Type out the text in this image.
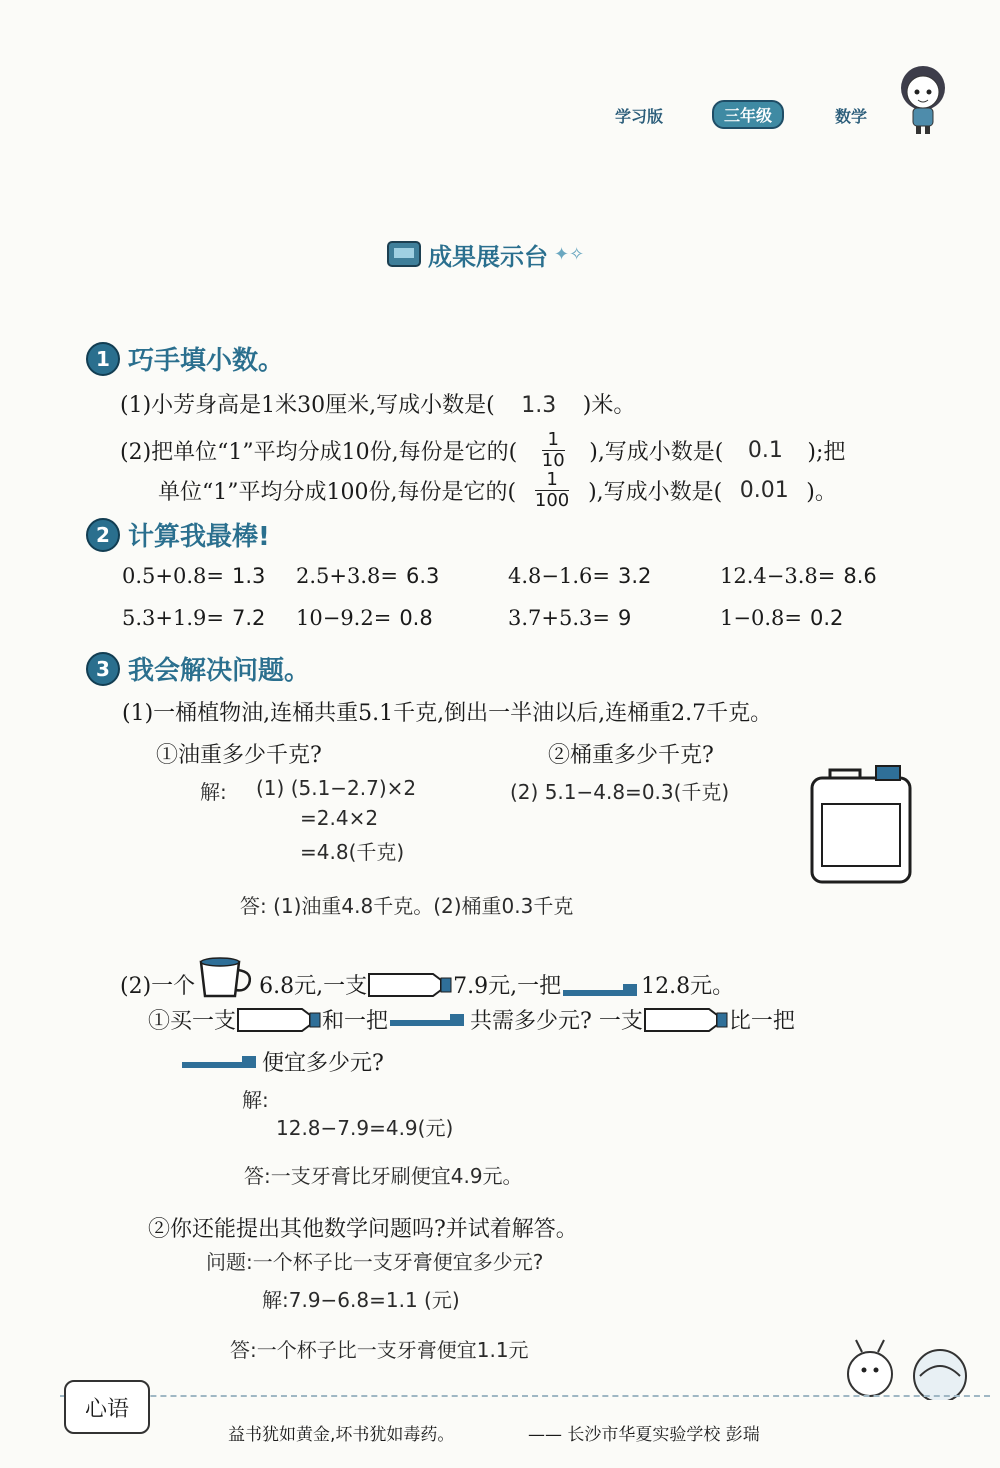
学习版	三年级	数学
成果展示台 ✦✧
1 巧手填小数。
(1)小芳身高是1米30厘米,写成小数是( 1.3 )米。
(2)把单位“1”平均分成10份,每份是它的( $\frac{1}{10}$ ),写成小数是(	0.1	);把
单位“1”平均分成100份,每份是它的( $\frac{1}{100}$ ),写成小数是( 0.01 )。
2 计算我最棒!
0.5+0.8= 1.3 2.5+3.8= 6.3	4.8−1.6= 3.2	12.4−3.8= 8.6
5.3+1.9= 7.2 10−9.2= 0.8	3.7+5.3= 9	1−0.8= 0.2
3 我会解决问题。
(1)一桶植物油,连桶共重5.1千克,倒出一半油以后,连桶重2.7千克。
①油重多少千克?	②桶重多少千克?
解: (1) (5.1−2.7)×2	(2) 5.1−4.8=0.3(千克)
=2.4×2
=4.8(千克)
答: (1)油重4.8千克。(2)桶重0.3千克
(2)一个	6.8元,一支	7.9元,一把	12.8元。
①买一支	和一把	共需多少元? 一支	比一把
便宜多少元?
解:
12.8−7.9=4.9(元)
答:一支牙膏比牙刷便宜4.9元。
②你还能提出其他数学问题吗?并试着解答。
问题:一个杯子比一支牙膏便宜多少元?
解:7.9−6.8=1.1 (元)
答:一个杯子比一支牙膏便宜1.1元
心语
益书犹如黄金,坏书犹如毒药。	—— 长沙市华夏实验学校 彭瑞
